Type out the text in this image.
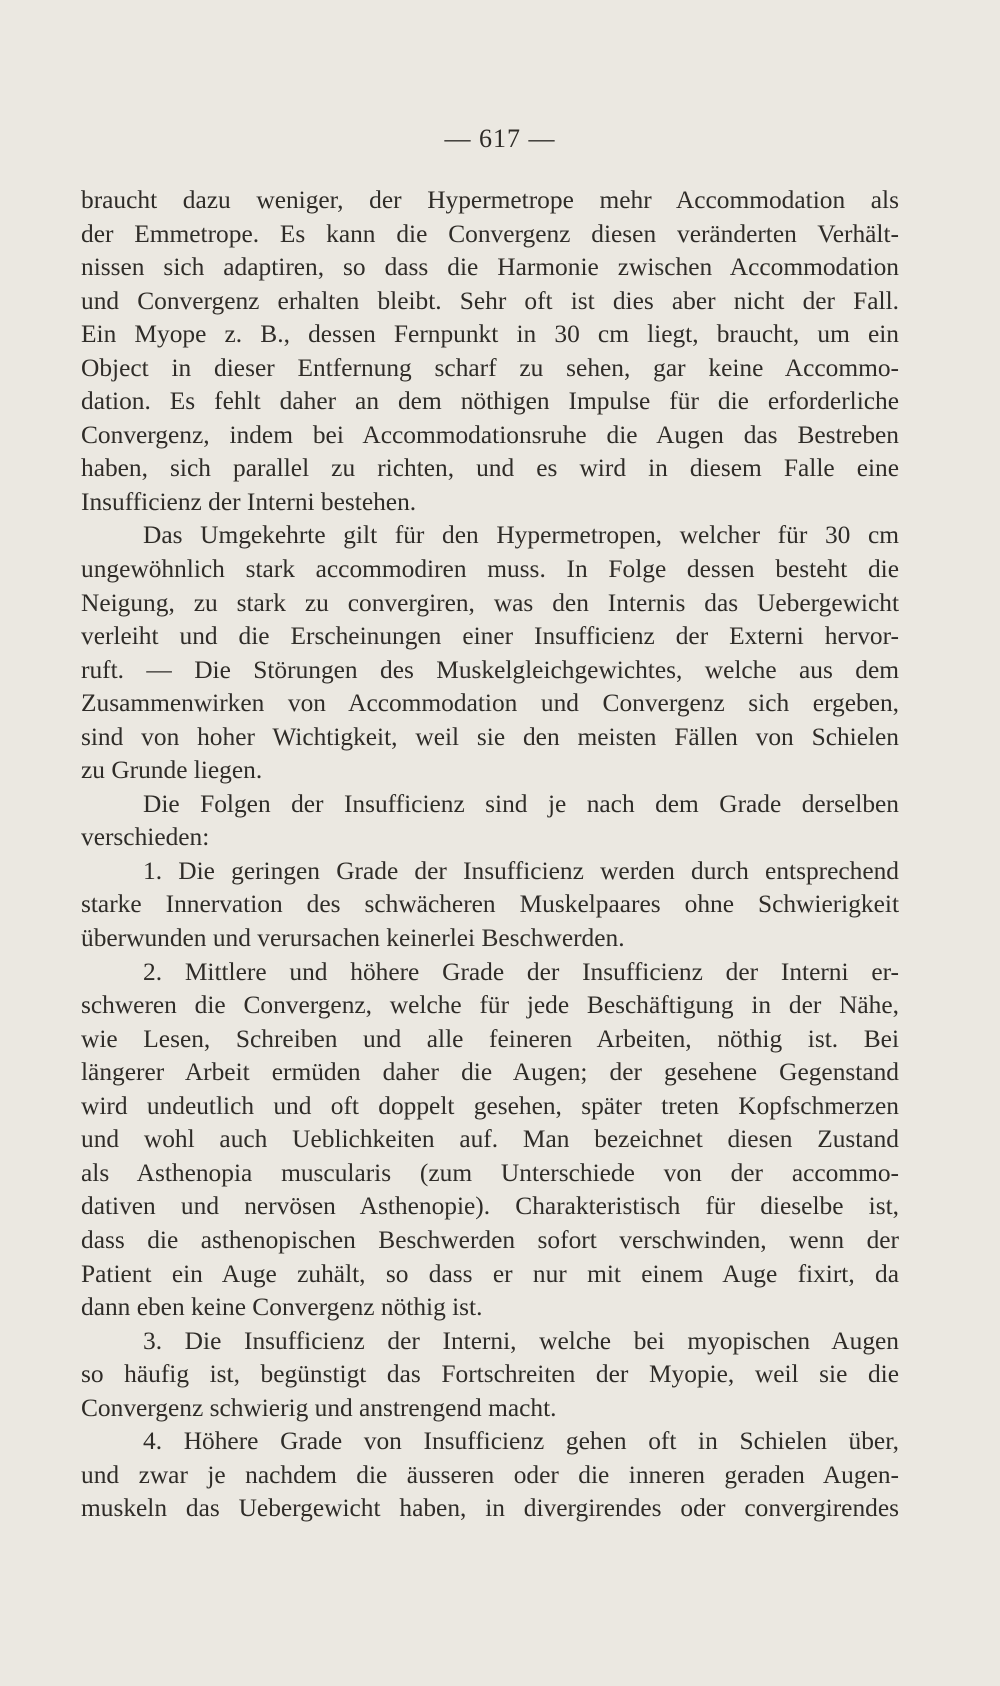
— 617 —
braucht dazu weniger, der Hypermetrope mehr Accommodation als
der Emmetrope. Es kann die Convergenz diesen veränderten Verhält-
nissen sich adaptiren, so dass die Harmonie zwischen Accommodation
und Convergenz erhalten bleibt. Sehr oft ist dies aber nicht der Fall.
Ein Myope z. B., dessen Fernpunkt in 30 cm liegt, braucht, um ein
Object in dieser Entfernung scharf zu sehen, gar keine Accommo-
dation. Es fehlt daher an dem nöthigen Impulse für die erforderliche
Convergenz, indem bei Accommodationsruhe die Augen das Bestreben
haben, sich parallel zu richten, und es wird in diesem Falle eine
Insufficienz der Interni bestehen.
Das Umgekehrte gilt für den Hypermetropen, welcher für 30 cm
ungewöhnlich stark accommodiren muss. In Folge dessen besteht die
Neigung, zu stark zu convergiren, was den Internis das Uebergewicht
verleiht und die Erscheinungen einer Insufficienz der Externi hervor-
ruft. — Die Störungen des Muskelgleichgewichtes, welche aus dem
Zusammenwirken von Accommodation und Convergenz sich ergeben,
sind von hoher Wichtigkeit, weil sie den meisten Fällen von Schielen
zu Grunde liegen.
Die Folgen der Insufficienz sind je nach dem Grade derselben
verschieden:
1. Die geringen Grade der Insufficienz werden durch entsprechend
starke Innervation des schwächeren Muskelpaares ohne Schwierigkeit
überwunden und verursachen keinerlei Beschwerden.
2. Mittlere und höhere Grade der Insufficienz der Interni er-
schweren die Convergenz, welche für jede Beschäftigung in der Nähe,
wie Lesen, Schreiben und alle feineren Arbeiten, nöthig ist. Bei
längerer Arbeit ermüden daher die Augen; der gesehene Gegenstand
wird undeutlich und oft doppelt gesehen, später treten Kopfschmerzen
und wohl auch Ueblichkeiten auf. Man bezeichnet diesen Zustand
als Asthenopia muscularis (zum Unterschiede von der accommo-
dativen und nervösen Asthenopie). Charakteristisch für dieselbe ist,
dass die asthenopischen Beschwerden sofort verschwinden, wenn der
Patient ein Auge zuhält, so dass er nur mit einem Auge fixirt, da
dann eben keine Convergenz nöthig ist.
3. Die Insufficienz der Interni, welche bei myopischen Augen
so häufig ist, begünstigt das Fortschreiten der Myopie, weil sie die
Convergenz schwierig und anstrengend macht.
4. Höhere Grade von Insufficienz gehen oft in Schielen über,
und zwar je nachdem die äusseren oder die inneren geraden Augen-
muskeln das Uebergewicht haben, in divergirendes oder convergirendes
